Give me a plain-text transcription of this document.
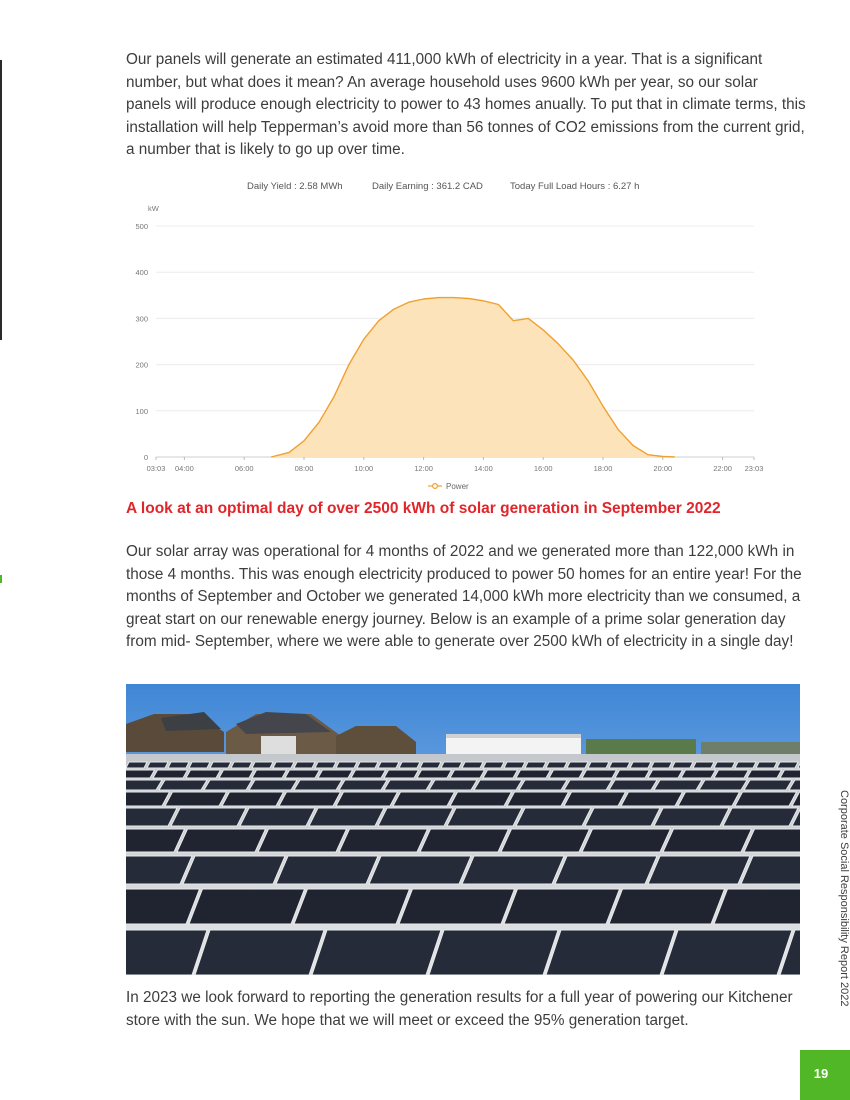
Our panels will generate an estimated 411,000 kWh of electricity in a year. That is a significant number, but what does it mean? An average household uses 9600 kWh per year, so our solar panels will produce enough electricity to power to 43 homes anually. To put that in climate terms, this installation will help Tepperman’s avoid more than 56 tonnes of CO2 emissions from the current grid, a number that is likely to go up over time.

Daily Yield : 2.58 MWh	Daily Earning : 361.2 CAD	Today Full Load Hours : 6.27 h
kW
0
100
200
300
400
500
03:03 04:00	06:00	08:00	10:00	12:00	14:00	16:00	18:00	20:00	22:00 23:03
Power

A look at an optimal day of over 2500 kWh of solar generation in September 2022

Our solar array was operational for 4 months of 2022 and we generated more than 122,000 kWh in those 4 months. This was enough electricity produced to power 50 homes for an entire year! For the months of September and October we generated 14,000 kWh more electricity than we consumed, a great start on our renewable energy journey. Below is an example of a prime solar generation day from mid- September, where we were able to generate over 2500 kWh of electricity in a single day!

In 2023 we look forward to reporting the generation results for a full year of powering our Kitchener store with the sun. We hope that we will meet or exceed the 95% generation target.

Corporate Social Responsibility Report 2022
19
